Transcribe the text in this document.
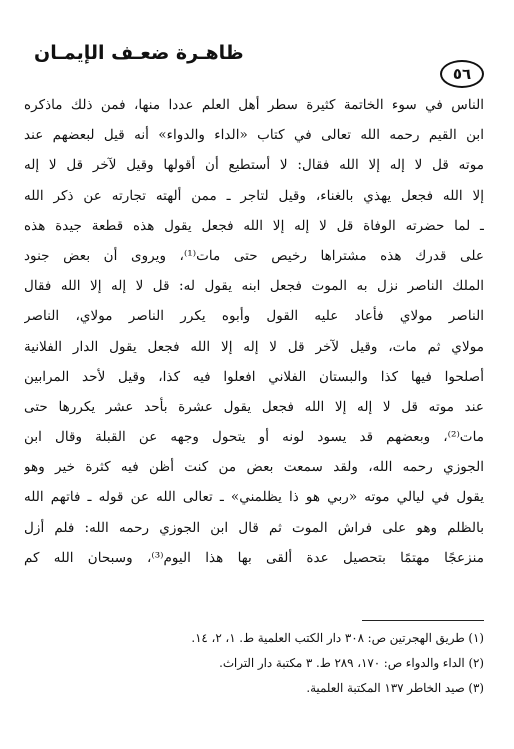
ظاهـرة ضعـف الإيمـان
٥٦
الناس في سوء الخاتمة كثيرة سطر أهل العلم عددا منها، فمن ذلك ماذكره
ابن القيم رحمه الله تعالى في كتاب «الداء والدواء» أنه قيل لبعضهم عند
موته قل لا إله إلا الله فقال: لا أستطيع أن أقولها وقيل لآخر قل لا إله
إلا الله فجعل يهذي بالغناء، وقيل لتاجر ـ ممن ألهته تجارته عن ذكر الله
ـ لما حضرته الوفاة قل لا إله إلا الله فجعل يقول هذه قطعة جيدة هذه
على قدرك هذه مشتراها رخيص حتى مات⁽¹⁾، ويروى أن بعض جنود
الملك الناصر نزل به الموت فجعل ابنه يقول له: قل لا إله إلا الله فقال
الناصر مولاي فأعاد عليه القول وأبوه يكرر الناصر مولاي، الناصر
مولاي ثم مات، وقيل لآخر قل لا إله إلا الله فجعل يقول الدار الفلانية
أصلحوا فيها كذا والبستان الفلاني افعلوا فيه كذا، وقيل لأحد المرابين
عند موته قل لا إله إلا الله فجعل يقول عشرة بأحد عشر يكررها حتى
مات⁽²⁾، وبعضهم قد يسود لونه أو يتحول وجهه عن القبلة وقال ابن
الجوزي رحمه الله، ولقد سمعت بعض من كنت أظن فيه كثرة خير وهو
يقول في ليالي موته «ربي هو ذا يظلمني» ـ تعالى الله عن قوله ـ فاتهم الله
بالظلم وهو على فراش الموت ثم قال ابن الجوزي رحمه الله: فلم أزل
منزعجًا مهتمًا بتحصيل عدة ألقى بها هذا اليوم⁽³⁾، وسبحان الله كم
(١) طريق الهجرتين ص: ٣٠٨ دار الكتب العلمية ط. ١، ٢، ١٤.
(٢) الداء والدواء ص: ١٧٠، ٢٨٩ ط. ٣ مكتبة دار التراث.
(٣) صيد الخاطر ١٣٧ المكتبة العلمية.
